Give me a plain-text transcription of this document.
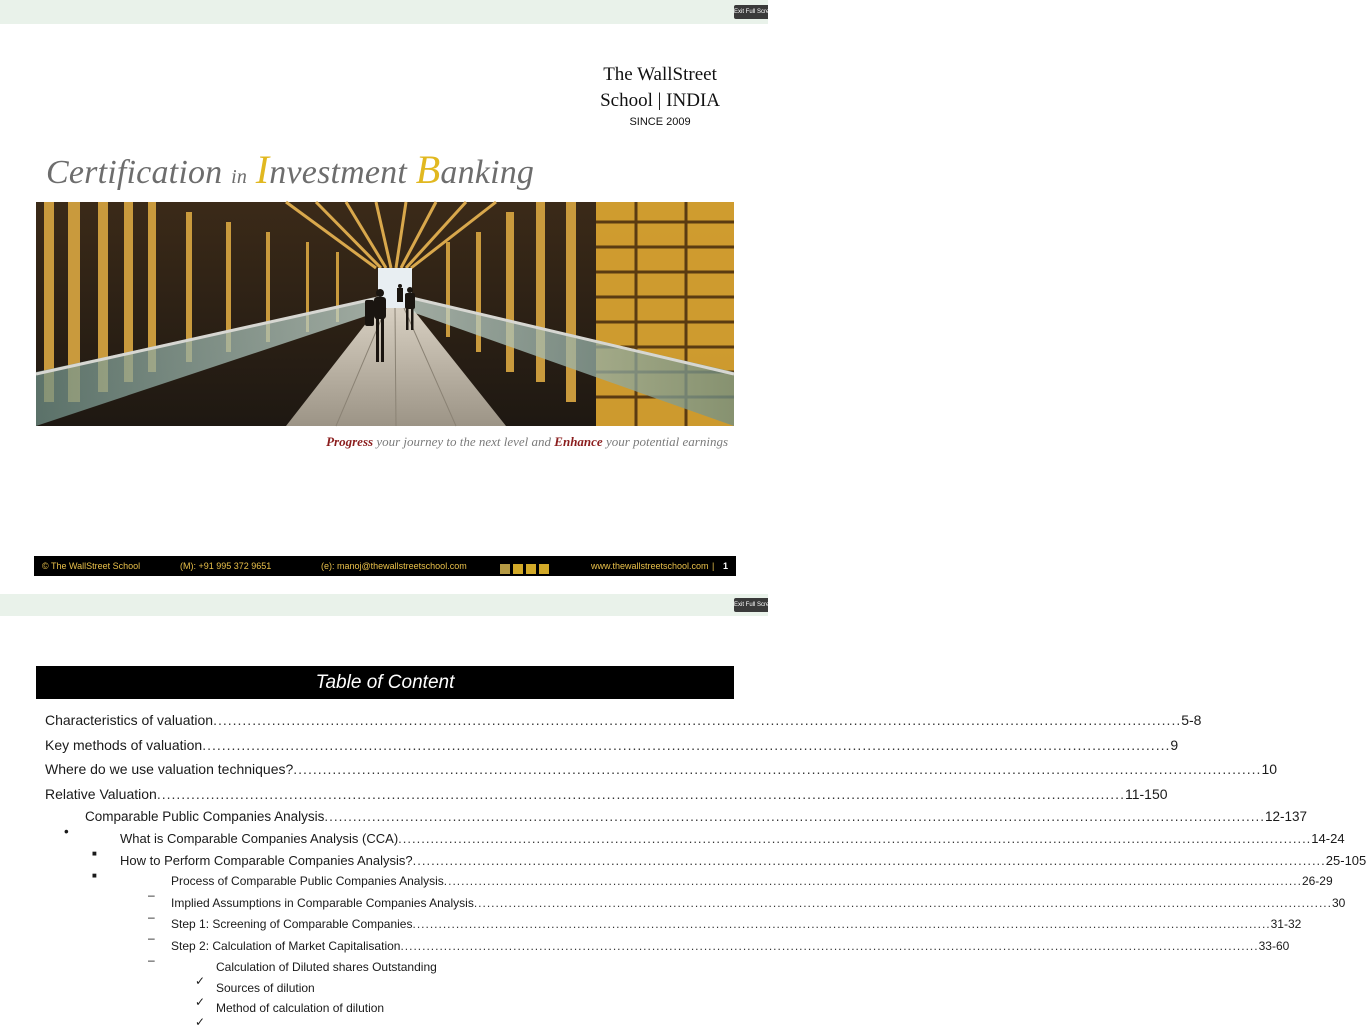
Exit Full Screen
The WallStreet
School | INDIA
SINCE 2009
Certification in Investment Banking
Progress your journey to the next level and Enhance your potential earnings
© The WallStreet School	(M): +91 995 372 9651	(e): manoj@thewallstreetschool.com	www.thewallstreetschool.com | 1
Exit Full Screen
Table of Content
Characteristics of valuation .....	5-8
Key methods of valuation .....	9
Where do we use valuation techniques? .....	10
Relative Valuation .....	11-150
Comparable Public Companies Analysis .....	12-137
What is Comparable Companies Analysis (CCA) .....	14-24
How to Perform Comparable Companies Analysis? .....	25-105
Process of Comparable Public Companies Analysis .....	26-29
Implied Assumptions in Comparable Companies Analysis .....	30
Step 1: Screening of Comparable Companies .....	31-32
Step 2: Calculation of Market Capitalisation .....	33-60
Calculation of Diluted shares Outstanding
Sources of dilution
Method of calculation of dilution
